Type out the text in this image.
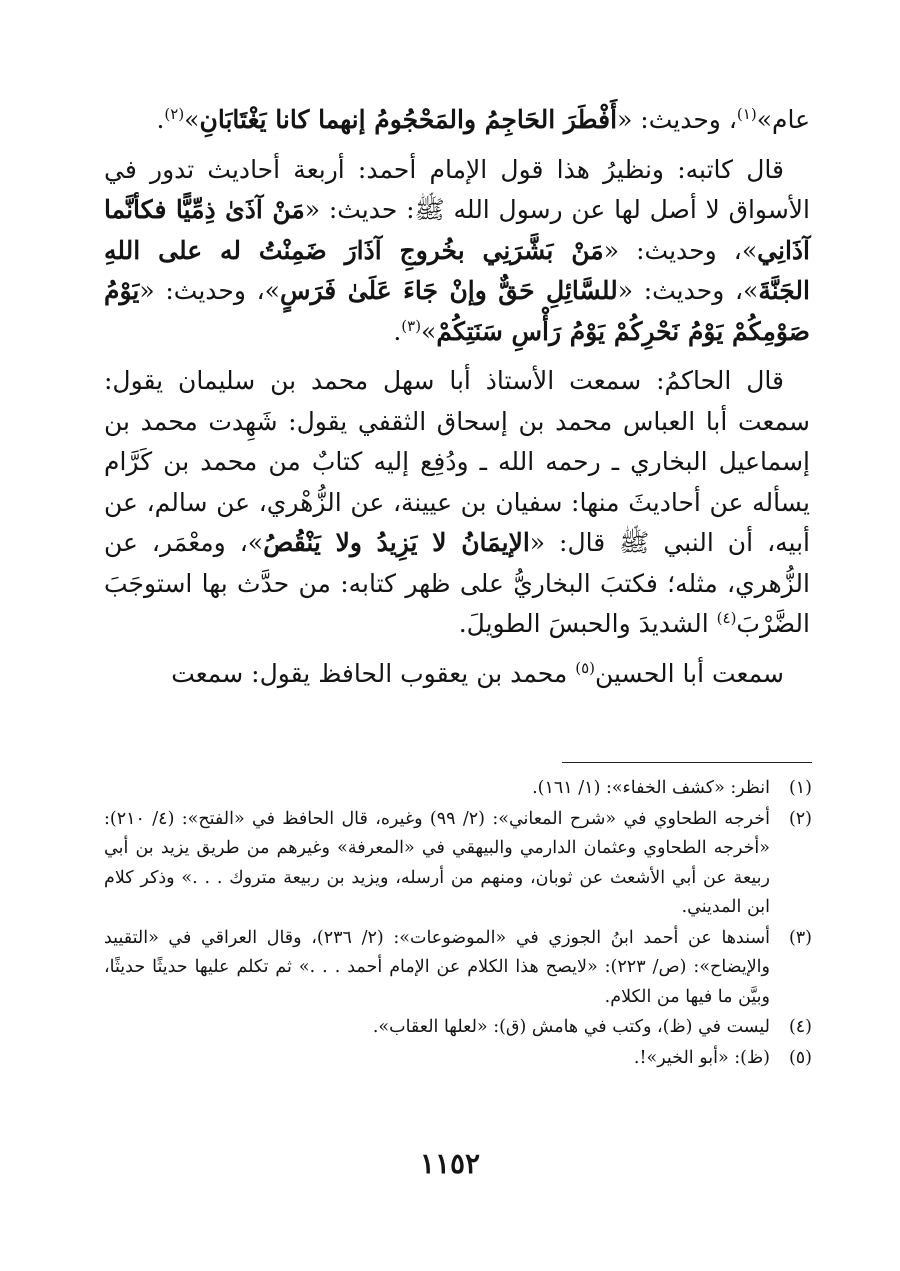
عام»$^{(١)}$، وحديث: «أَفْطَرَ الحَاجِمُ والمَحْجُومُ إنهما كانا يَغْتَابَانِ»$^{(٢)}$.

قال كاتبه: ونظيرُ هذا قول الإمام أحمد: أربعة أحاديث تدور في الأسواق لا أصل لها عن رسول الله ﷺ: حديث: «مَنْ آذَىٰ ذِمِّيًّا فكأنَّما آذَانِي»، وحديث: «مَنْ بَشَّرَنِي بخُروجِ آذَارَ ضَمِنْتُ له على اللهِ الجَنَّةَ»، وحديث: «للسَّائِلِ حَقٌّ وإنْ جَاءَ عَلَىٰ فَرَسٍ»، وحديث: «يَوْمُ صَوْمِكُمْ يَوْمُ نَحْرِكُمْ يَوْمُ رَأْسِ سَنَتِكُمْ»$^{(٣)}$.

قال الحاكمُ: سمعت الأستاذ أبا سهل محمد بن سليمان يقول: سمعت أبا العباس محمد بن إسحاق الثقفي يقول: شَهِدت محمد بن إسماعيل البخاري ـ رحمه الله ـ ودُفِع إليه كتابٌ من محمد بن كَرَّام يسأله عن أحاديثَ منها: سفيان بن عيينة، عن الزُّهْري، عن سالم، عن أبيه، أن النبي ﷺ قال: «الإيمَانُ لا يَزِيدُ ولا يَنْقُصُ»، ومعْمَر، عن الزُّهري، مثله؛ فكتبَ البخاريُّ على ظهر كتابه: من حدَّث بها استوجَبَ الضَّرْبَ$^{(٤)}$ الشديدَ والحبسَ الطويلَ.

سمعت أبا الحسين$^{(٥)}$ محمد بن يعقوب الحافظ يقول: سمعت

(١)
انظر: «كشف الخفاء»: (١/ ١٦١).
(٢)
أخرجه الطحاوي في «شرح المعاني»: (٢/ ٩٩) وغيره، قال الحافظ في «الفتح»: (٤/ ٢١٠): «أخرجه الطحاوي وعثمان الدارمي والبيهقي في «المعرفة» وغيرهم من طريق يزيد بن أبي ربيعة عن أبي الأشعث عن ثوبان، ومنهم من أرسله، ويزيد بن ربيعة متروك . . .» وذكر كلام ابن المديني.
(٣)
أسندها عن أحمد ابنُ الجوزي في «الموضوعات»: (٢/ ٢٣٦)، وقال العراقي في «التقييد والإيضاح»: (ص/ ٢٢٣): «لايصح هذا الكلام عن الإمام أحمد . . .» ثم تكلم عليها حديثًا حديثًا، وبيَّن ما فيها من الكلام.
(٤)
ليست في (ظ)، وكتب في هامش (ق): «لعلها العقاب».
(٥)
(ظ): «أبو الخير»!.
١١٥٢
